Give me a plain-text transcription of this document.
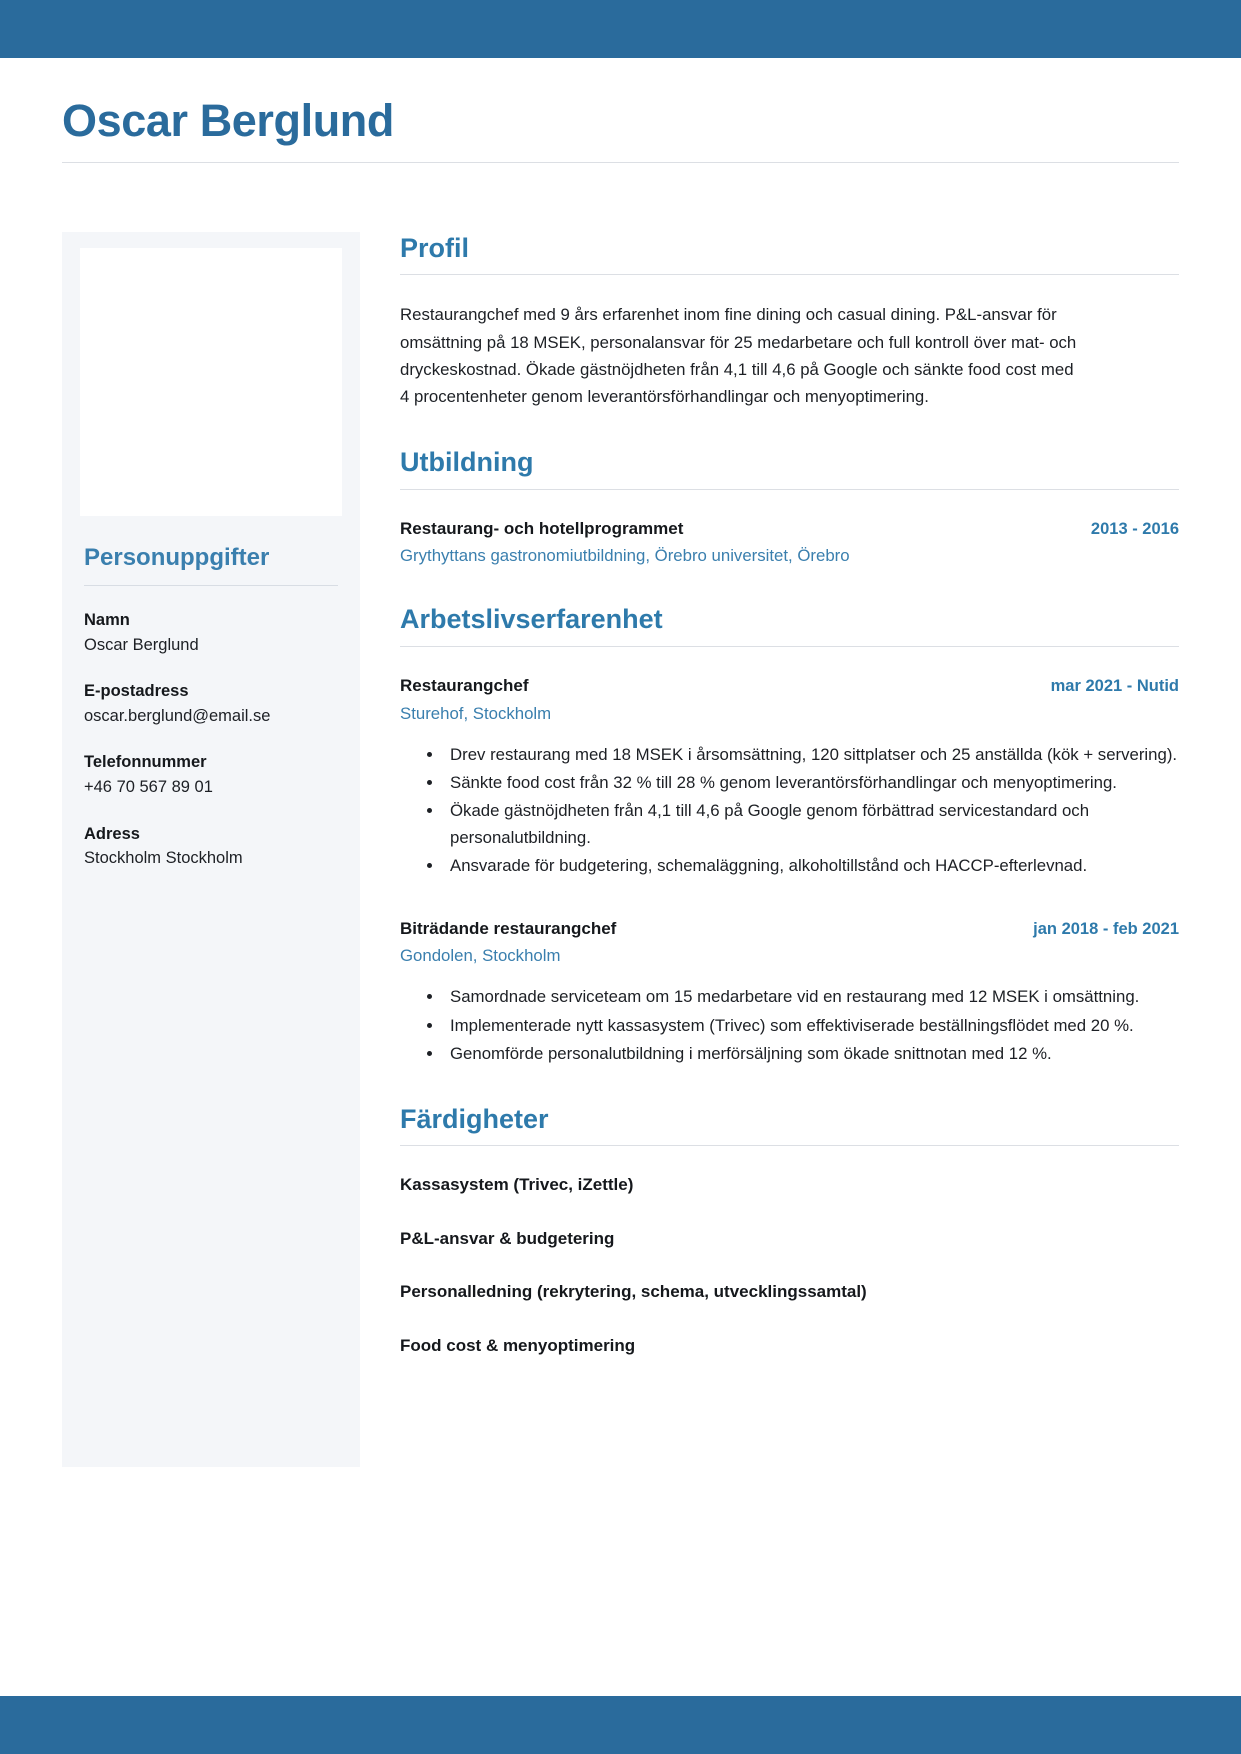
Oscar Berglund
Personuppgifter
Namn
Oscar Berglund
E-postadress
oscar.berglund@email.se
Telefonnummer
+46 70 567 89 01
Adress
Stockholm Stockholm
Profil

Restaurangchef med 9 års erfarenhet inom fine dining och casual dining. P&L-ansvar för omsättning på 18 MSEK, personalansvar för 25 medarbetare och full kontroll över mat- och dryckeskostnad. Ökade gästnöjdheten från 4,1 till 4,6 på Google och sänkte food cost med 4 procentenheter genom leverantörsförhandlingar och menyoptimering.

Utbildning
Restaurang- och hotellprogrammet	2013 - 2016
Grythyttans gastronomiutbildning, Örebro universitet, Örebro
Arbetslivserfarenhet
Restaurangchef	mar 2021 - Nutid
Sturehof, Stockholm
• Drev restaurang med 18 MSEK i årsomsättning, 120 sittplatser och 25 anställda (kök + servering).
• Sänkte food cost från 32 % till 28 % genom leverantörsförhandlingar och menyoptimering.
• Ökade gästnöjdheten från 4,1 till 4,6 på Google genom förbättrad servicestandard och personalutbildning.
• Ansvarade för budgetering, schemaläggning, alkoholtillstånd och HACCP-efterlevnad.
Biträdande restaurangchef	jan 2018 - feb 2021
Gondolen, Stockholm
• Samordnade serviceteam om 15 medarbetare vid en restaurang med 12 MSEK i omsättning.
• Implementerade nytt kassasystem (Trivec) som effektiviserade beställningsflödet med 20 %.
• Genomförde personalutbildning i merförsäljning som ökade snittnotan med 12 %.
Färdigheter
Kassasystem (Trivec, iZettle)
P&L-ansvar & budgetering
Personalledning (rekrytering, schema, utvecklingssamtal)
Food cost & menyoptimering
